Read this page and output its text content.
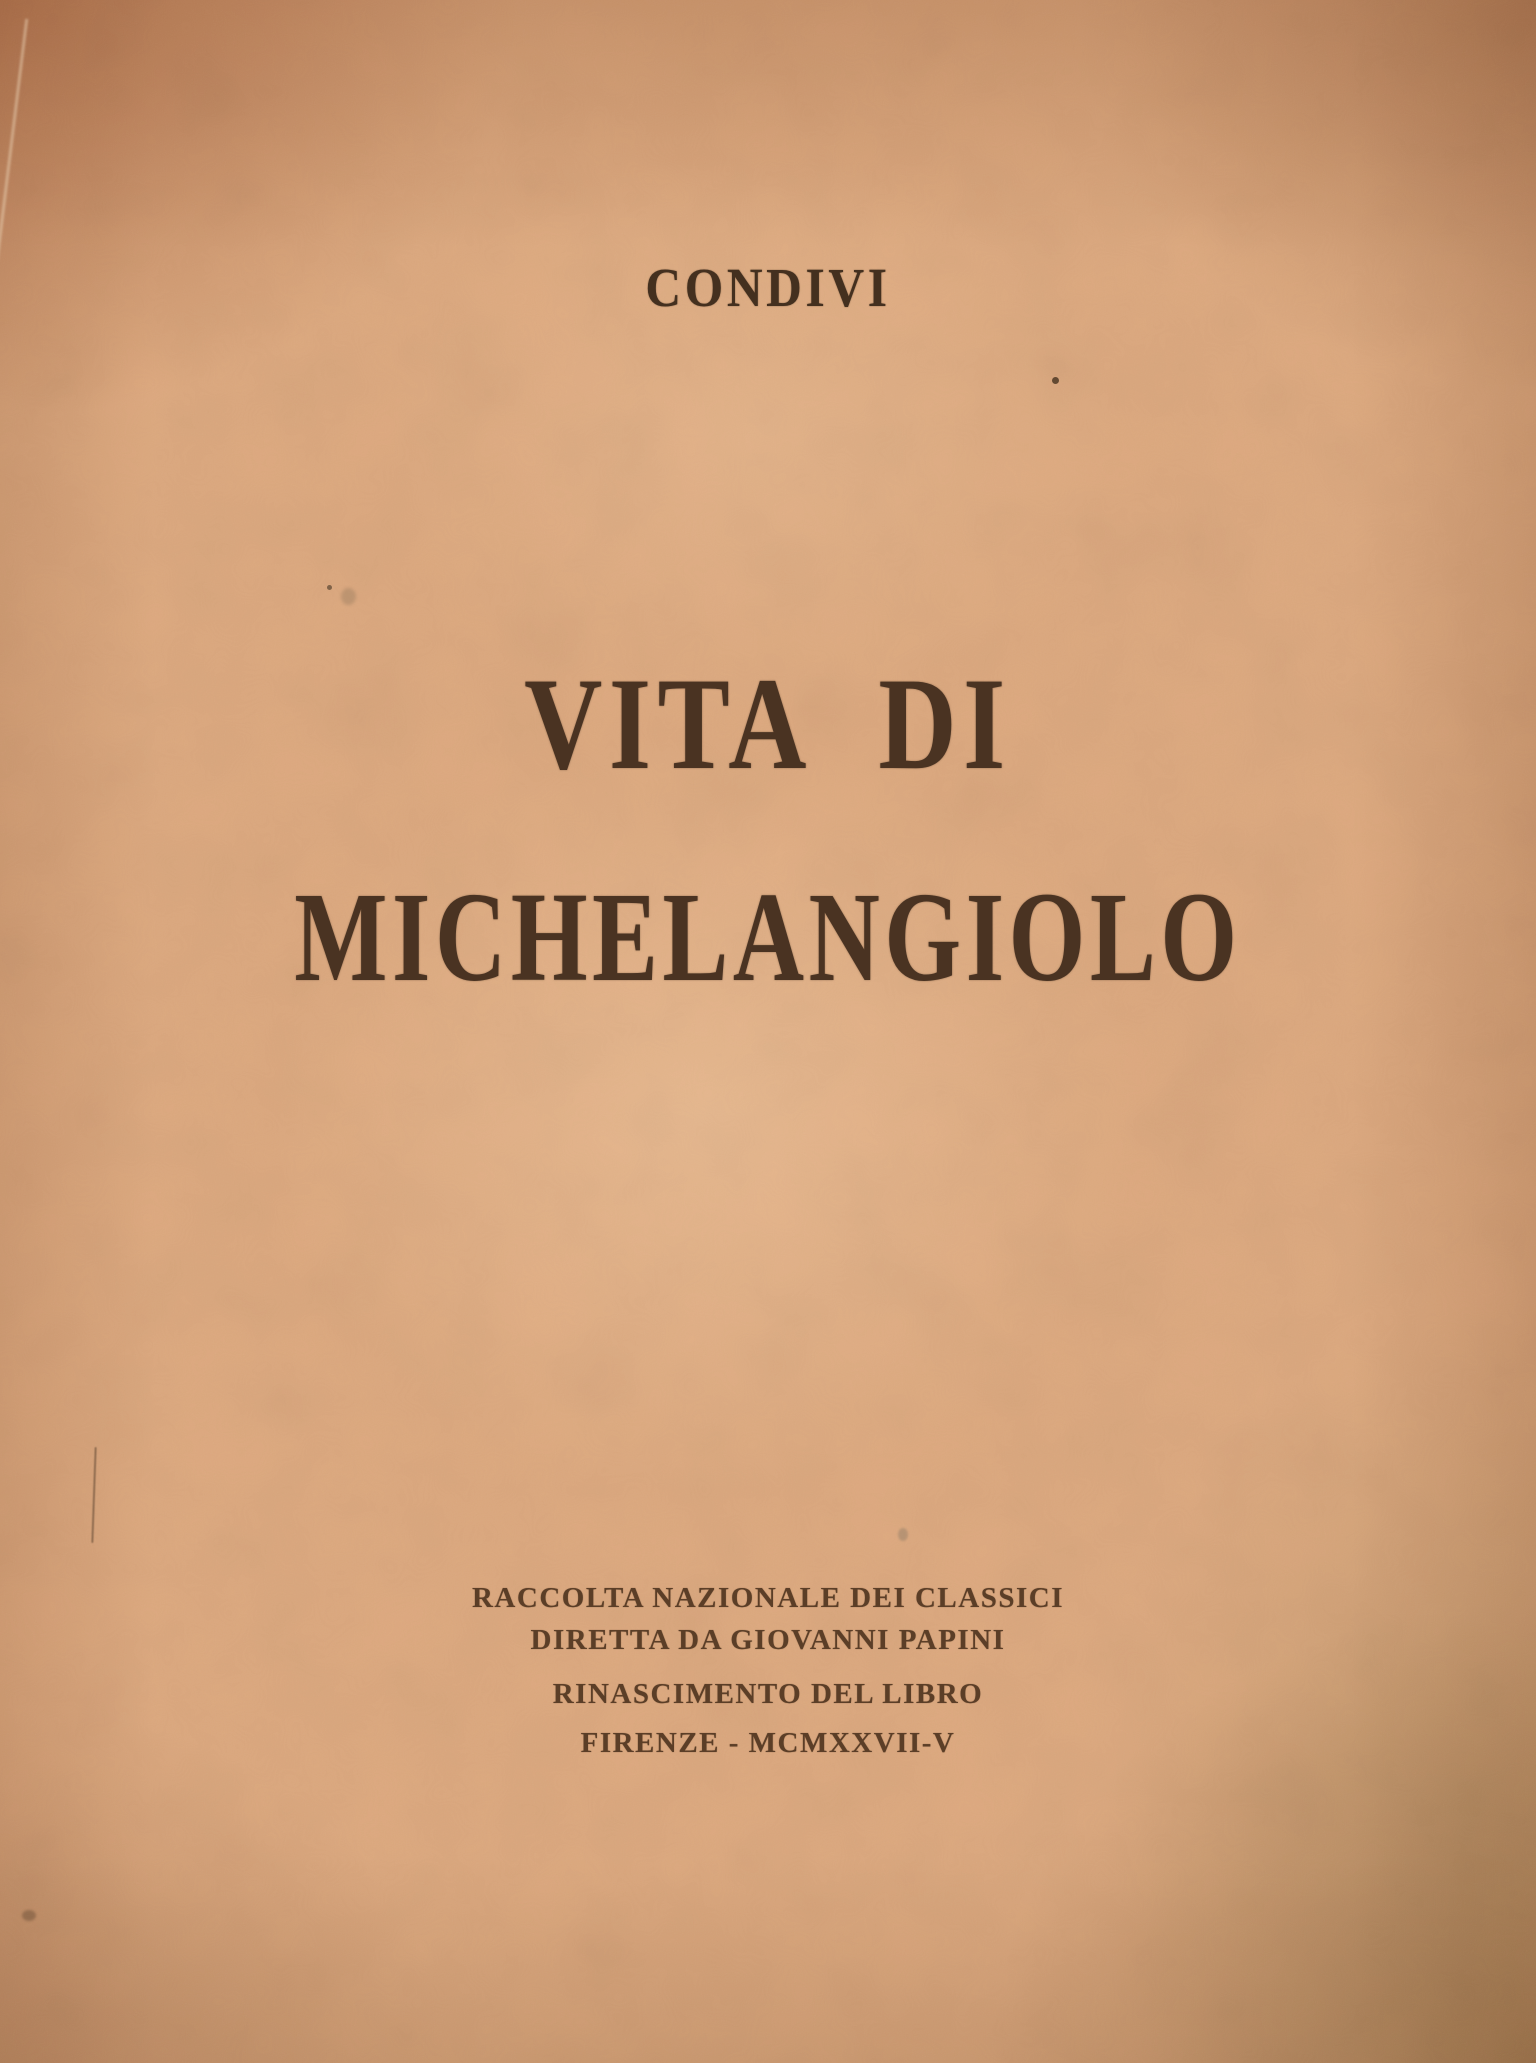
CONDIVI
VITA DI
MICHELANGIOLO
RACCOLTA NAZIONALE DEI CLASSICI
DIRETTA DA GIOVANNI PAPINI
RINASCIMENTO DEL LIBRO
FIRENZE - MCMXXVII-V
